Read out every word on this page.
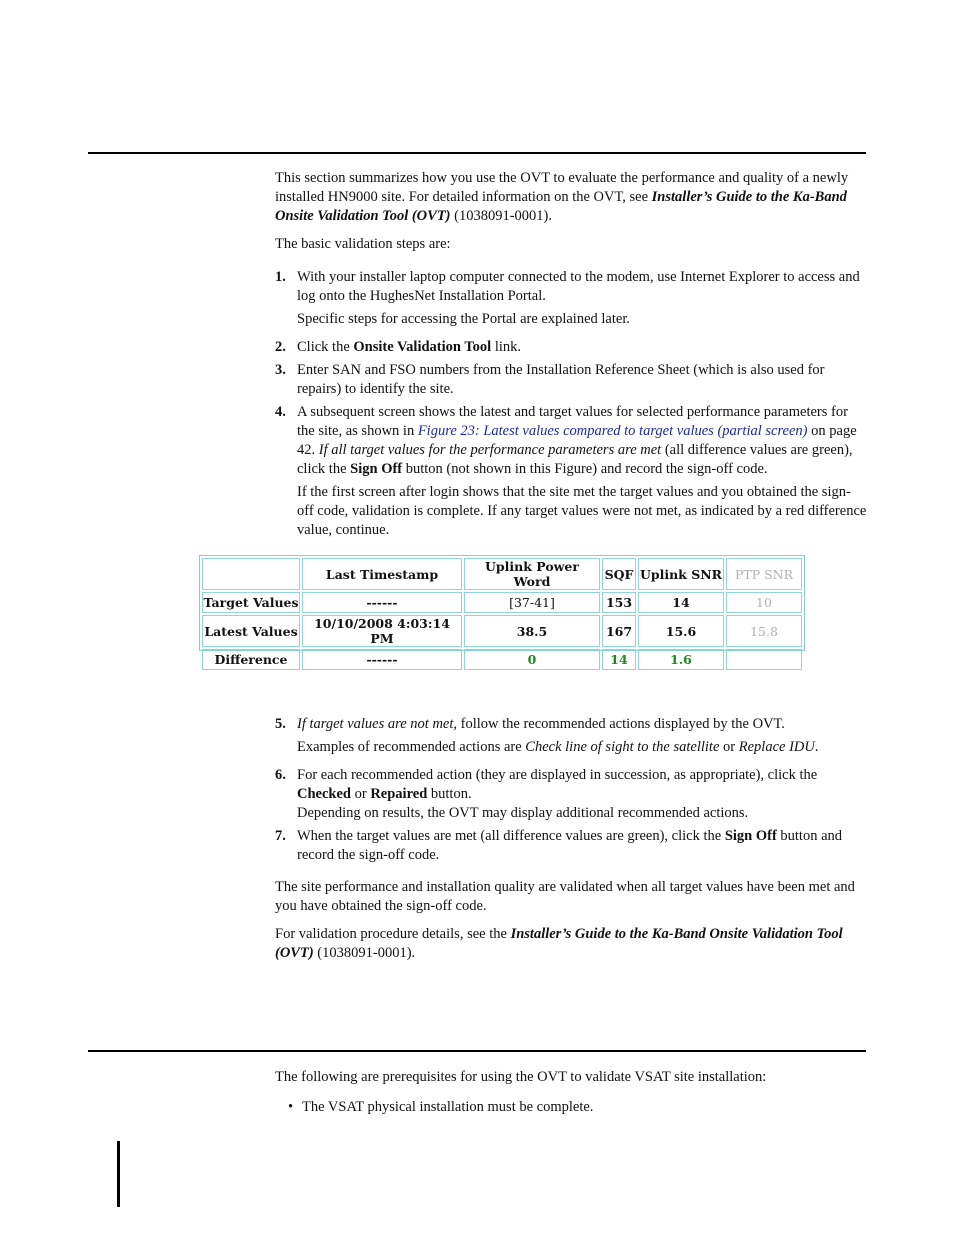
This section summarizes how you use the OVT to evaluate the performance and quality of a newly installed HN9000 site. For detailed information on the OVT, see Installer’s Guide to the Ka-Band Onsite Validation Tool (OVT) (1038091-0001).

The basic validation steps are:

1. With your installer laptop computer connected to the modem, use Internet Explorer to access and log onto the HughesNet Installation Portal.
Specific steps for accessing the Portal are explained later.
2. Click the Onsite Validation Tool link.
3. Enter SAN and FSO numbers from the Installation Reference Sheet (which is also used for repairs) to identify the site.
4. A subsequent screen shows the latest and target values for selected performance parameters for the site, as shown in Figure 23: Latest values compared to target values (partial screen) on page 42. If all target values for the performance parameters are met (all difference values are green), click the Sign Off button (not shown in this Figure) and record the sign-off code.
If the first screen after login shows that the site met the target values and you obtained the sign-off code, validation is complete. If any target values were not met, as indicated by a red difference value, continue.
	Last Timestamp	Uplink Power Word	SQF	Uplink SNR	PTP SNR
Target Values	------	[37-41]	153	14	10
Latest Values	10/10/2008 4:03:14 PM	38.5	167	15.6	15.8
Difference	------	0	14	1.6	
5. If target values are not met, follow the recommended actions displayed by the OVT.
Examples of recommended actions are Check line of sight to the satellite or Replace IDU.
6. For each recommended action (they are displayed in succession, as appropriate), click the Checked or Repaired button.
Depending on results, the OVT may display additional recommended actions.
7. When the target values are met (all difference values are green), click the Sign Off button and record the sign-off code.

The site performance and installation quality are validated when all target values have been met and you have obtained the sign-off code.

For validation procedure details, see the Installer’s Guide to the Ka-Band Onsite Validation Tool (OVT) (1038091-0001).

The following are prerequisites for using the OVT to validate VSAT site installation:

• The VSAT physical installation must be complete.
